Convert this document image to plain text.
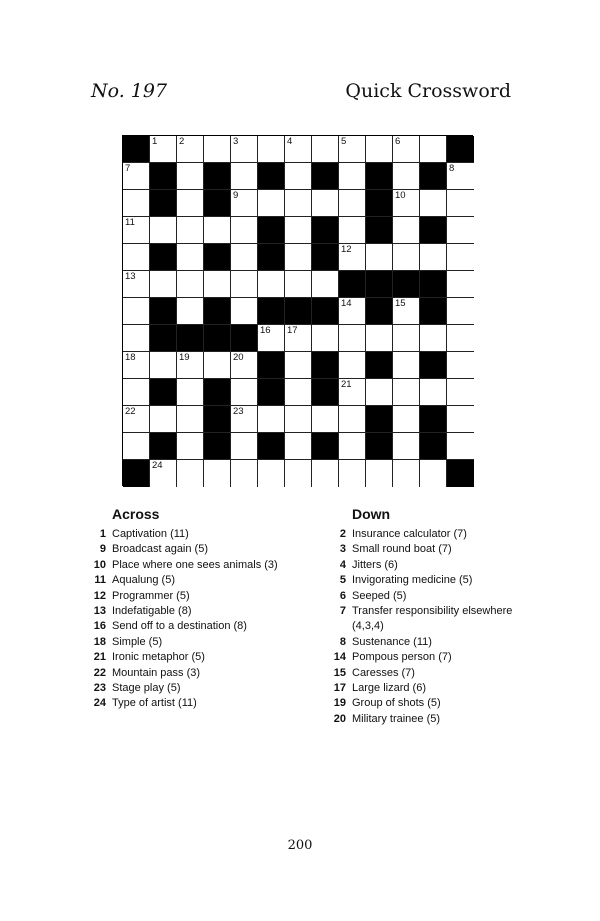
No. 197	Quick Crossword
1 2	3	4	5	6
7	8
9	10
11
12
13
14	15
16 17
18	19	20
21
22	23
24
Across
1 Captivation (11)
9 Broadcast again (5)
10 Place where one sees animals (3)
11 Aqualung (5)
12 Programmer (5)
13 Indefatigable (8)
16 Send off to a destination (8)
18 Simple (5)
21 Ironic metaphor (5)
22 Mountain pass (3)
23 Stage play (5)
24 Type of artist (11)
Down
2 Insurance calculator (7)
3 Small round boat (7)
4 Jitters (6)
5 Invigorating medicine (5)
6 Seeped (5)
7 Transfer responsibility elsewhere (4,3,4)
8 Sustenance (11)
14 Pompous person (7)
15 Caresses (7)
17 Large lizard (6)
19 Group of shots (5)
20 Military trainee (5)
200
